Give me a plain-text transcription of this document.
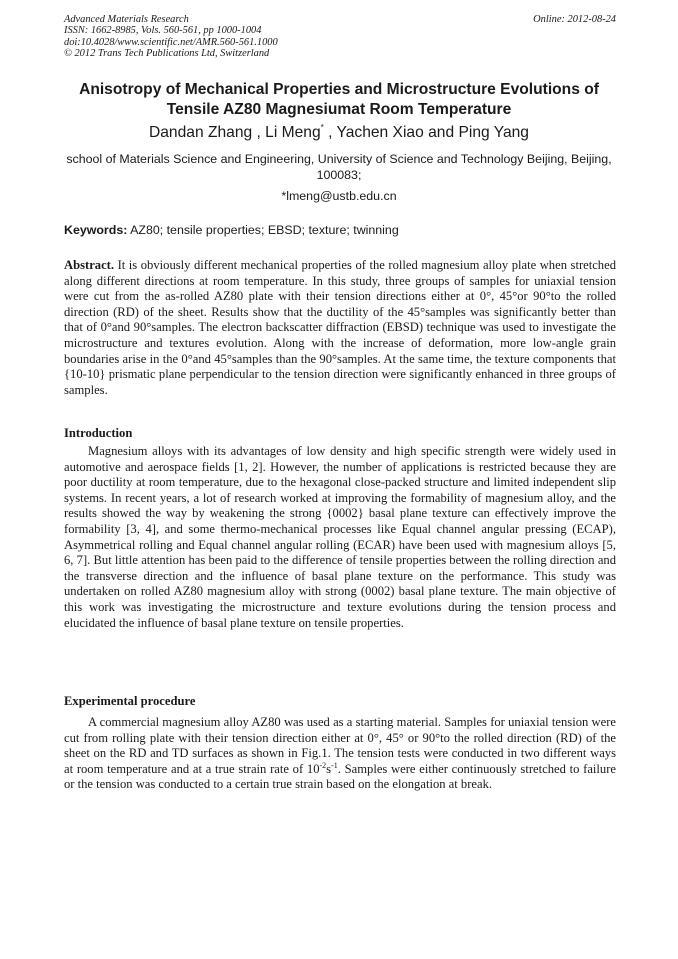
Advanced Materials Research
ISSN: 1662-8985, Vols. 560-561, pp 1000-1004
doi:10.4028/www.scientific.net/AMR.560-561.1000
© 2012 Trans Tech Publications Ltd, Switzerland
Online: 2012-08-24
Anisotropy of Mechanical Properties and Microstructure Evolutions of
Tensile AZ80 Magnesiumat Room Temperature
Dandan Zhang , Li Meng* , Yachen Xiao and Ping Yang
school of Materials Science and Engineering, University of Science and Technology Beijing, Beijing,
100083;
*lmeng@ustb.edu.cn
Keywords: AZ80; tensile properties; EBSD; texture; twinning

Abstract. It is obviously different mechanical properties of the rolled magnesium alloy plate when stretched along different directions at room temperature. In this study, three groups of samples for uniaxial tension were cut from the as-rolled AZ80 plate with their tension directions either at 0°, 45°or 90°to the rolled direction (RD) of the sheet. Results show that the ductility of the 45°samples was significantly better than that of 0°and 90°samples. The electron backscatter diffraction (EBSD) technique was used to investigate the microstructure and textures evolution. Along with the increase of deformation, more low-angle grain boundaries arise in the 0°and 45°samples than the 90°samples. At the same time, the texture components that {10-10} prismatic plane perpendicular to the tension direction were significantly enhanced in three groups of samples.

Introduction

Magnesium alloys with its advantages of low density and high specific strength were widely used in automotive and aerospace fields [1, 2]. However, the number of applications is restricted because they are poor ductility at room temperature, due to the hexagonal close-packed structure and limited independent slip systems. In recent years, a lot of research worked at improving the formability of magnesium alloy, and the results showed the way by weakening the strong {0002} basal plane texture can effectively improve the formability [3, 4], and some thermo-mechanical processes like Equal channel angular pressing (ECAP), Asymmetrical rolling and Equal channel angular rolling (ECAR) have been used with magnesium alloys [5, 6, 7]. But little attention has been paid to the difference of tensile properties between the rolling direction and the transverse direction and the influence of basal plane texture on the performance. This study was undertaken on rolled AZ80 magnesium alloy with strong (0002) basal plane texture. The main objective of this work was investigating the microstructure and texture evolutions during the tension process and elucidated the influence of basal plane texture on tensile properties.

Experimental procedure

A commercial magnesium alloy AZ80 was used as a starting material. Samples for uniaxial tension were cut from rolling plate with their tension direction either at 0°, 45° or 90°to the rolled direction (RD) of the sheet on the RD and TD surfaces as shown in Fig.1. The tension tests were conducted in two different ways at room temperature and at a true strain rate of $10^{-2}s^{-1}$. Samples were either continuously stretched to failure or the tension was conducted to a certain true strain based on the elongation at break.
